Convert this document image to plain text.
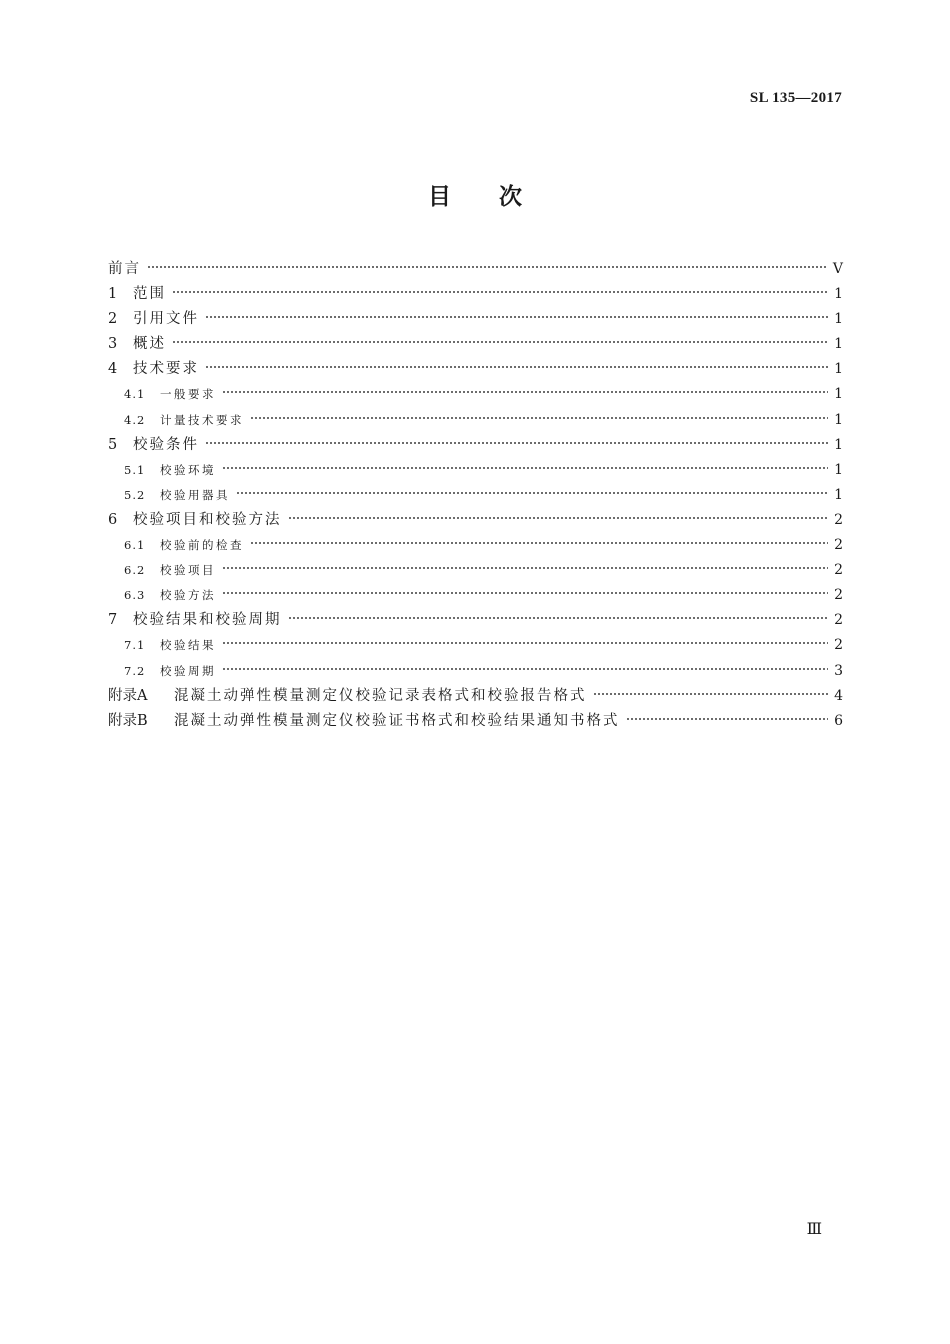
SL 135—2017
目次
前言	V
1	范围	1
2	引用文件	1
3	概述	1
4	技术要求	1
4.1	一般要求	1
4.2	计量技术要求	1
5	校验条件	1
5.1	校验环境	1
5.2	校验用器具	1
6	校验项目和校验方法	2
6.1	校验前的检查	2
6.2	校验项目	2
6.3	校验方法	2
7	校验结果和校验周期	2
7.1	校验结果	2
7.2	校验周期	3
附录A	混凝土动弹性模量测定仪校验记录表格式和校验报告格式	4
附录B	混凝土动弹性模量测定仪校验证书格式和校验结果通知书格式	6
Ⅲ
